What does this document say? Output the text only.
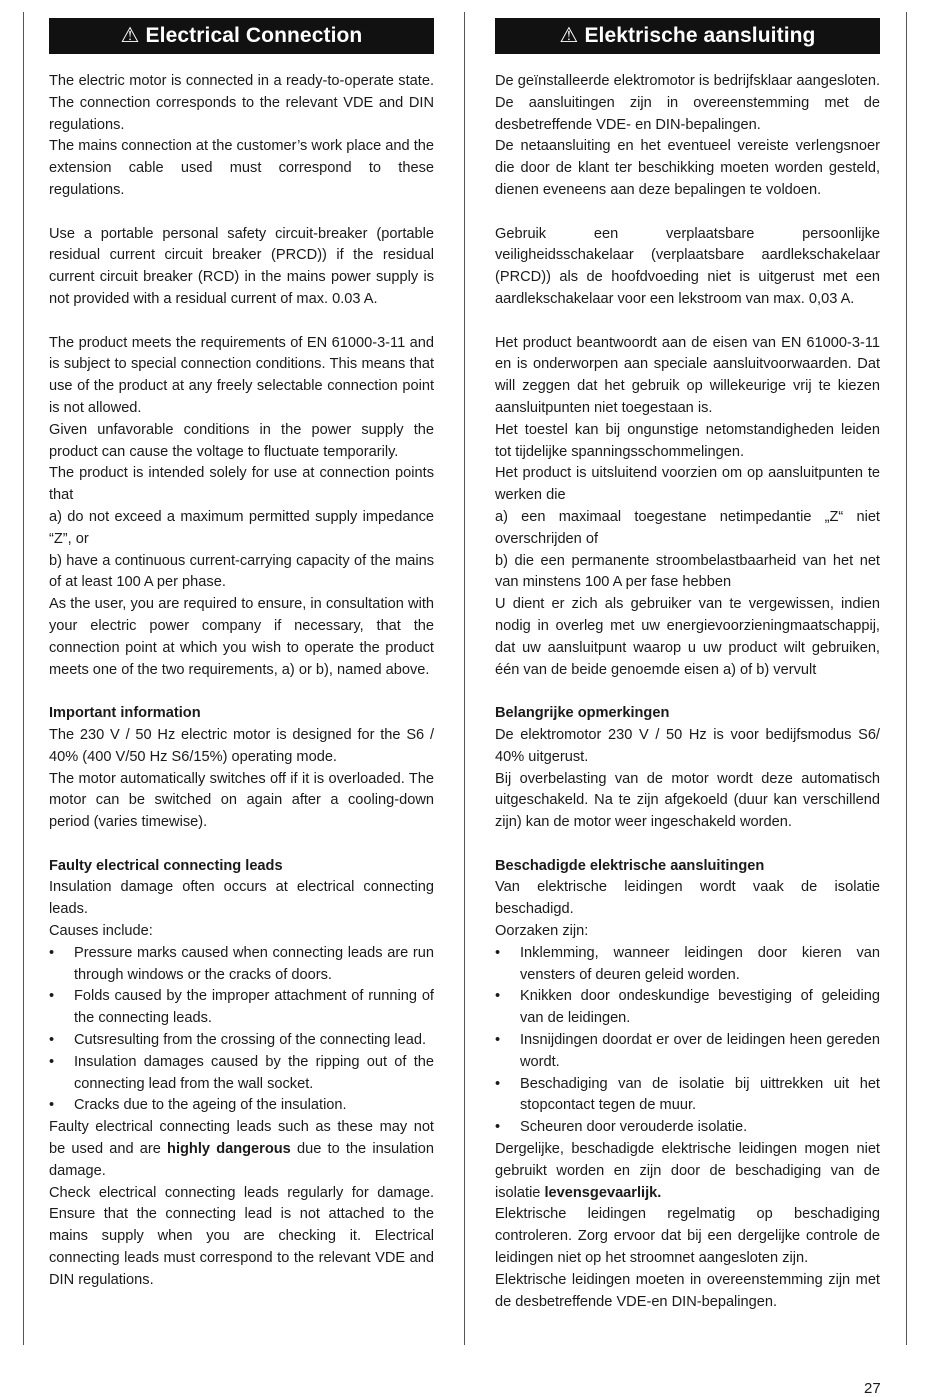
⚠ Electrical Connection

The electric motor is connected in a ready-to-operate state. The connection corresponds to the relevant VDE and DIN regulations.

The mains connection at the customer’s work place and the extension cable used must correspond to these regulations.

Use a portable personal safety circuit-breaker (portable residual current circuit breaker (PRCD)) if the residual current circuit breaker (RCD) in the mains power supply is not provided with a residual current of max. 0.03 A.

The product meets the requirements of EN 61000-3-11 and is subject to special connection conditions. This means that use of the product at any freely selectable connection point is not allowed.

Given unfavorable conditions in the power supply the product can cause the voltage to fluctuate temporarily.

The product is intended solely for use at connection points that

a) do not exceed a maximum permitted supply impedance “Z”, or

b) have a continuous current-carrying capacity of the mains of at least 100 A per phase.

As the user, you are required to ensure, in consultation with your electric power company if necessary, that the connection point at which you wish to operate the product meets one of the two requirements, a) or b), named above.

Important information

The 230 V / 50 Hz electric motor is designed for the S6 / 40% (400 V/50 Hz S6/15%) operating mode.

The motor automatically switches off if it is overloaded. The motor can be switched on again after a cooling-down period (varies timewise).

Faulty electrical connecting leads

Insulation damage often occurs at electrical connecting leads.

Causes include:

• Pressure marks caused when connecting leads are run through windows or the cracks of doors.
• Folds caused by the improper attachment of running of the connecting leads.
• Cutsresulting from the crossing of the connecting lead.
• Insulation damages caused by the ripping out of the connecting lead from the wall socket.
• Cracks due to the ageing of the insulation.

Faulty electrical connecting leads such as these may not be used and are highly dangerous due to the insulation damage.

Check electrical connecting leads regularly for damage. Ensure that the connecting lead is not attached to the mains supply when you are checking it. Electrical connecting leads must correspond to the relevant VDE and DIN regulations.

⚠ Elektrische aansluiting

De geïnstalleerde elektromotor is bedrijfsklaar aangesloten. De aansluitingen zijn in overeenstemming met de desbetreffende VDE- en DIN-bepalingen.

De netaansluiting en het eventueel vereiste verlengsnoer die door de klant ter beschikking moeten worden gesteld, dienen eveneens aan deze bepalingen te voldoen.

Gebruik een verplaatsbare persoonlijke veiligheidsschakelaar (verplaatsbare aardlekschakelaar (PRCD)) als de hoofdvoeding niet is uitgerust met een aardlekschakelaar voor een lekstroom van max. 0,03 A.

Het product beantwoordt aan de eisen van EN 61000-3-11 en is onderworpen aan speciale aansluitvoorwaarden. Dat will zeggen dat het gebruik op willekeurige vrij te kiezen aansluitpunten niet toegestaan is.

Het toestel kan bij ongunstige netomstandigheden leiden tot tijdelijke spanningsschommelingen.

Het product is uitsluitend voorzien om op aansluitpunten te werken die

a) een maximaal toegestane netimpedantie „Z“ niet overschrijden of

b) die een permanente stroombelastbaarheid van het net van minstens 100 A per fase hebben

U dient er zich als gebruiker van te vergewissen, indien nodig in overleg met uw energievoorzieningmaatschappij, dat uw aansluitpunt waarop u uw product wilt gebruiken, één van de beide genoemde eisen a) of b) vervult

Belangrijke opmerkingen

De elektromotor 230 V / 50 Hz is voor bedijfsmodus S6/ 40% uitgerust.

Bij overbelasting van de motor wordt deze automatisch uitgeschakeld. Na te zijn afgekoeld (duur kan verschillend zijn) kan de motor weer ingeschakeld worden.

Beschadigde elektrische aansluitingen

Van elektrische leidingen wordt vaak de isolatie beschadigd.

Oorzaken zijn:

• Inklemming, wanneer leidingen door kieren van vensters of deuren geleid worden.
• Knikken door ondeskundige bevestiging of geleiding van de leidingen.
• Insnijdingen doordat er over de leidingen heen gereden wordt.
• Beschadiging van de isolatie bij uittrekken uit het stopcontact tegen de muur.
• Scheuren door verouderde isolatie.

Dergelijke, beschadigde elektrische leidingen mogen niet gebruikt worden en zijn door de beschadiging van de isolatie levensgevaarlijk.

Elektrische leidingen regelmatig op beschadiging controleren. Zorg ervoor dat bij een dergelijke controle de leidingen niet op het stroomnet aangesloten zijn.

Elektrische leidingen moeten in overeenstemming zijn met de desbetreffende VDE-en DIN-bepalingen.

27
